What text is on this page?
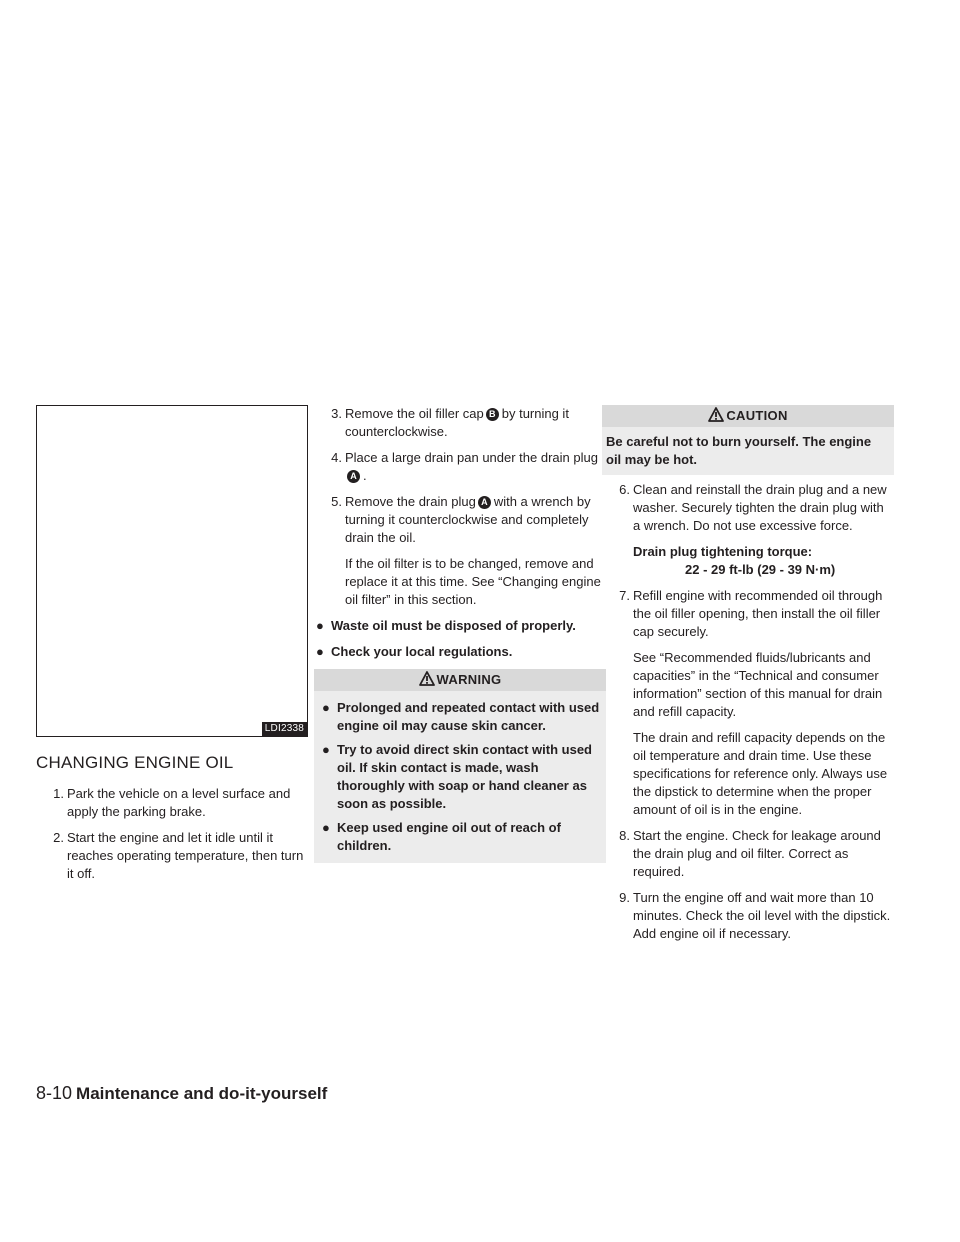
LDI2338
CHANGING ENGINE OIL
1. Park the vehicle on a level surface and apply the parking brake.
2. Start the engine and let it idle until it reaches operating temperature, then turn it off.
3. Remove the oil filler cap B by turning it counterclockwise.
4. Place a large drain pan under the drain plug
A .
5. Remove the drain plug A with a wrench by turning it counterclockwise and completely drain the oil.

If the oil filter is to be changed, remove and replace it at this time. See “Changing engine oil filter” in this section.

● Waste oil must be disposed of properly.
● Check your local regulations.
WARNING
● Prolonged and repeated contact with used engine oil may cause skin cancer.
● Try to avoid direct skin contact with used oil. If skin contact is made, wash thoroughly with soap or hand cleaner as soon as possible.
● Keep used engine oil out of reach of children.
CAUTION
Be careful not to burn yourself. The engine oil may be hot.
6. Clean and reinstall the drain plug and a new washer. Securely tighten the drain plug with a wrench. Do not use excessive force.
Drain plug tightening torque:
22 - 29 ft-lb (29 - 39 N·m)
7. Refill engine with recommended oil through the oil filler opening, then install the oil filler cap securely.

See “Recommended fluids/lubricants and capacities” in the “Technical and consumer information” section of this manual for drain and refill capacity.

The drain and refill capacity depends on the oil temperature and drain time. Use these specifications for reference only. Always use the dipstick to determine when the proper amount of oil is in the engine.

8. Start the engine. Check for leakage around the drain plug and oil filter. Correct as required.
9. Turn the engine off and wait more than 10 minutes. Check the oil level with the dipstick. Add engine oil if necessary.
8-10 Maintenance and do-it-yourself
